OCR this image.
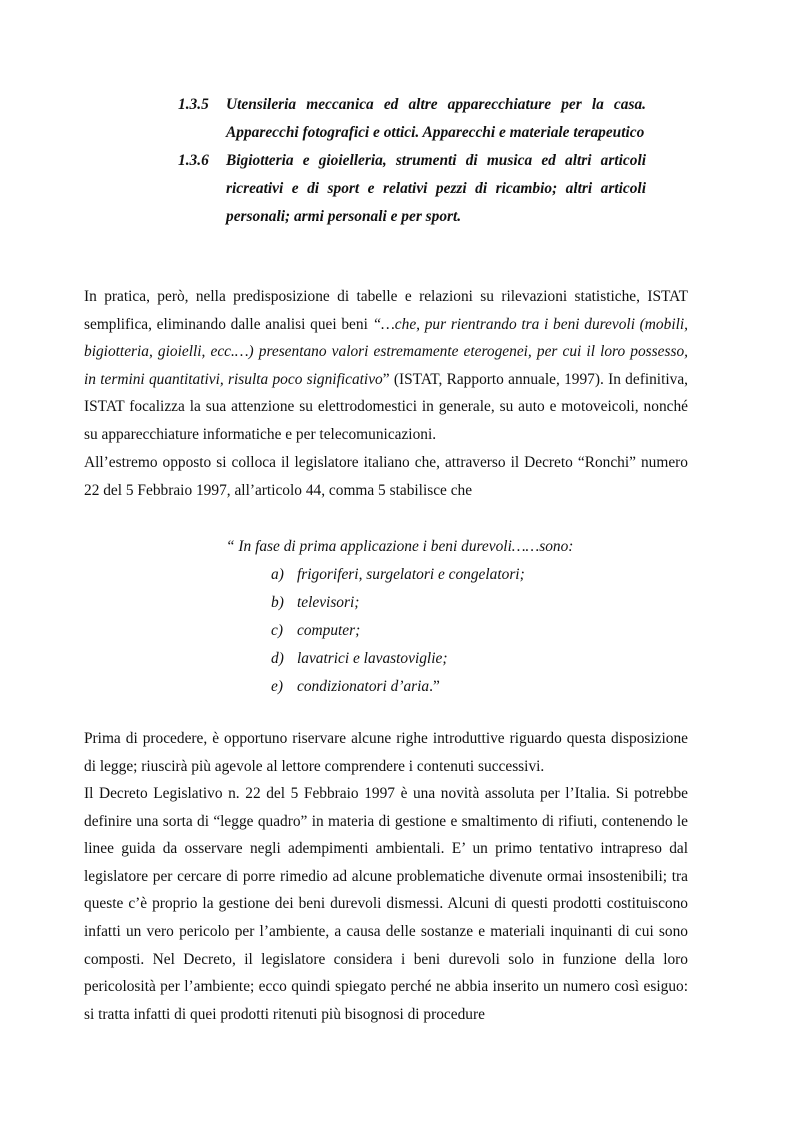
1.3.5	Utensileria meccanica ed altre apparecchiature per la casa. Apparecchi fotografici e ottici. Apparecchi e materiale terapeutico
1.3.6	Bigiotteria e gioielleria, strumenti di musica ed altri articoli ricreativi e di sport e relativi pezzi di ricambio; altri articoli personali; armi personali e per sport.

In pratica, però, nella predisposizione di tabelle e relazioni su rilevazioni statistiche, ISTAT semplifica, eliminando dalle analisi quei beni “…che, pur rientrando tra i beni durevoli (mobili, bigiotteria, gioielli, ecc.…) presentano valori estremamente eterogenei, per cui il loro possesso, in termini quantitativi, risulta poco significativo” (ISTAT, Rapporto annuale, 1997). In definitiva, ISTAT focalizza la sua attenzione su elettrodomestici in generale, su auto e motoveicoli, nonché su apparecchiature informatiche e per telecomunicazioni.

All’estremo opposto si colloca il legislatore italiano che, attraverso il Decreto “Ronchi” numero 22 del 5 Febbraio 1997, all’articolo 44, comma 5 stabilisce che

“ In fase di prima applicazione i beni durevoli……sono:
a) frigoriferi, surgelatori e congelatori;
b) televisori;
c) computer;
d) lavatrici e lavastoviglie;
e) condizionatori d’aria .”

Prima di procedere, è opportuno riservare alcune righe introduttive riguardo questa disposizione di legge; riuscirà più agevole al lettore comprendere i contenuti successivi.

Il Decreto Legislativo n. 22 del 5 Febbraio 1997 è una novità assoluta per l’Italia. Si potrebbe definire una sorta di “legge quadro” in materia di gestione e smaltimento di rifiuti, contenendo le linee guida da osservare negli adempimenti ambientali. E’ un primo tentativo intrapreso dal legislatore per cercare di porre rimedio ad alcune problematiche divenute ormai insostenibili; tra queste c’è proprio la gestione dei beni durevoli dismessi. Alcuni di questi prodotti costituiscono infatti un vero pericolo per l’ambiente, a causa delle sostanze e materiali inquinanti di cui sono composti. Nel Decreto, il legislatore considera i beni durevoli solo in funzione della loro pericolosità per l’ambiente; ecco quindi spiegato perché ne abbia inserito un numero così esiguo: si tratta infatti di quei prodotti ritenuti più bisognosi di procedure
